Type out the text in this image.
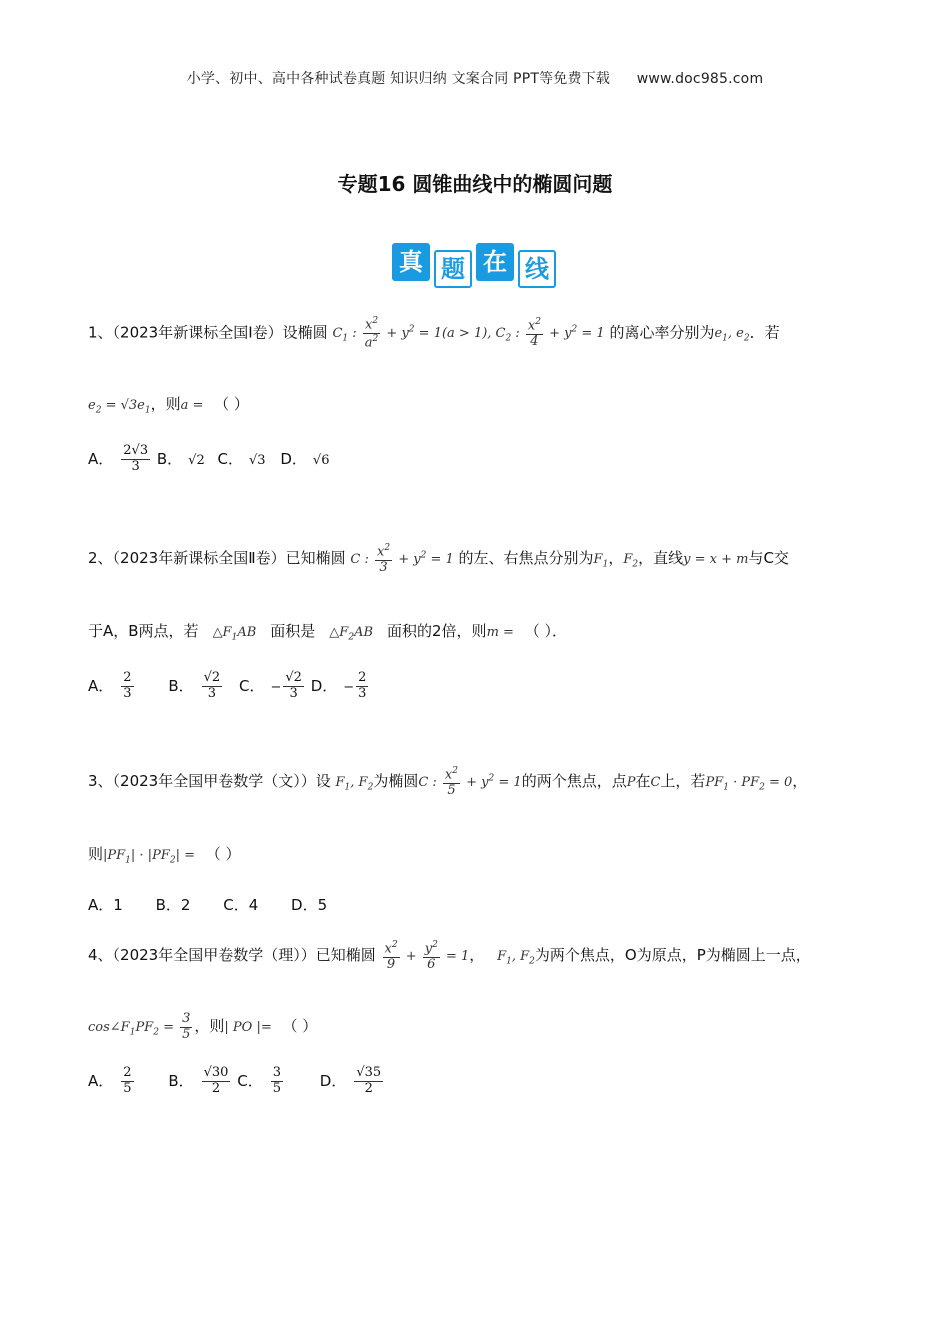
小学、初中、高中各种试卷真题 知识归纳 文案合同 PPT等免费下载 www.doc985.com
专题16 圆锥曲线中的椭圆问题
真 题 在 线
1、（2023年新课标全国Ⅰ卷）设椭圆 $C_1$ : $\frac{x^2}{a^2} + y^2 = 1(a > 1)$, $C_2$ : $\frac{x^2}{4} + y^2 = 1$ 的离心率分别为$e_1$, $e_2$．若
$e_2 = √3e_1$，则a = （ ）
A． $\frac{2√3}{3}$ B． √2 C． √3 D． √6
2、（2023年新课标全国Ⅱ卷）已知椭圆 C : $\frac{x^2}{3} + y^2 = 1$ 的左、右焦点分别为$F_1$，$F_2$，直线y = x + m与C交
于A，B两点，若 $\triangle F_1AB$ 面积是 $\triangle F_2AB$ 面积的2倍，则m = （ ）．
A． $\frac{2}{3}$ B． $\frac{√2}{3}$ C． − $\frac{√2}{3}$ D． − $\frac{2}{3}$
3、（2023年全国甲卷数学（文））设 $F_1$, $F_2$为椭圆C : $\frac{x^2}{5} + y^2 = 1$的两个焦点，点P在C上，若$PF_1 \cdot PF_2 = 0$，
则$|PF_1| \cdot |PF_2|$ = （ ）
A．1 B．2 C．4 D．5
4、（2023年全国甲卷数学（理））已知椭圆 $\frac{x^2}{9} + \frac{y^2}{6} = 1$， $F_1$, $F_2$为两个焦点，O为原点，P为椭圆上一点，
$\cos\angle F_1PF_2 = \frac{3}{5}$ ，则| PO |= （ ）
A． $\frac{2}{5}$ B． $\frac{√30}{2}$ C． $\frac{3}{5}$ D． $\frac{√35}{2}$
